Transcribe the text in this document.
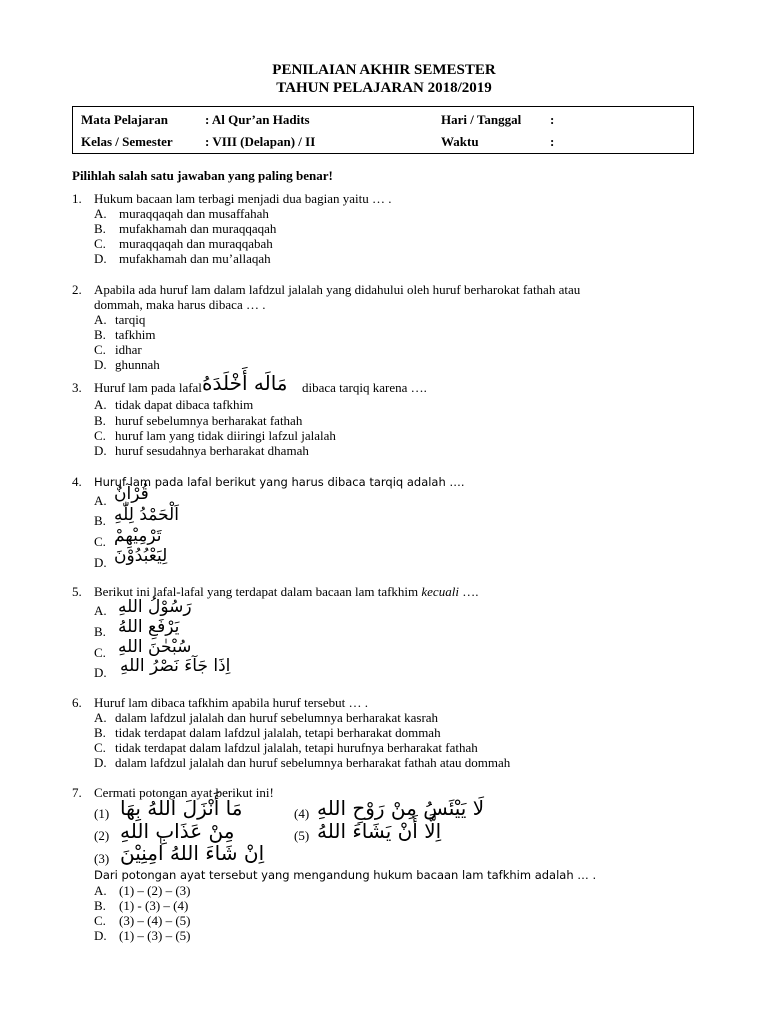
PENILAIAN AKHIR SEMESTER
TAHUN PELAJARAN 2018/2019
Mata Pelajaran	: Al Qur’an Hadits	Hari / Tanggal :
Kelas / Semester : VIII (Delapan) / II	Waktu	:
Pilihlah salah satu jawaban yang paling benar!
1. Hukum bacaan lam terbagi menjadi dua bagian yaitu … .
A. muraqqaqah dan musaffahah
B. mufakhamah dan muraqqaqah
C. muraqqaqah dan muraqqabah
D. mufakhamah dan mu’allaqah
2. Apabila ada huruf lam dalam lafdzul jalalah yang didahului oleh huruf berharokat fathah atau
dommah, maka harus dibaca … .
A. tarqiq
B. tafkhim
C. idhar
D. ghunnah
3. Huruf lam pada lafal مَالَه أَخْلَدَهُ dibaca tarqiq karena ….
A. tidak dapat dibaca tafkhim
B. huruf sebelumnya berharakat fathah
C. huruf lam yang tidak diiringi lafzul jalalah
D. huruf sesudahnya berharakat dhamah
4. Huruf lam pada lafal berikut yang harus dibaca tarqiq adalah ….
A. قُرْآنٌ
B. اَلْحَمْدُ لِلّٰهِ
C. تَرْمِيْهِمْ
D. لِيَعْبُدُوْنَ
5. Berikut ini lafal-lafal yang terdapat dalam bacaan lam tafkhim kecuali ….
A. رَسُوْلُ اللهِ
B. يَرْفَعِ اللهُ
C. سُبْحٰنَ اللهِ
D. اِذَا جَآءَ نَصْرُ اللهِ
6. Huruf lam dibaca tafkhim apabila huruf tersebut … .
A. dalam lafdzul jalalah dan huruf sebelumnya berharakat kasrah
B. tidak terdapat dalam lafdzul jalalah, tetapi berharakat dommah
C. tidak terdapat dalam lafdzul jalalah, tetapi hurufnya berharakat fathah
D. dalam lafdzul jalalah dan huruf sebelumnya berharakat fathah atau dommah
7. Cermati potongan ayat berikut ini!
(1) مَا أَنْزَلَ اللهُ بِهَا
(2) مِنْ عَذَابِ اللهِ
(3) اِنْ شَاءَ اللهُ اٰمِنِيْنَ
(4) لَا يَيْئَسُ مِنْ رَوْحِ اللهِ
(5) اِلَّا أَنْ يَشَاءَ اللهُ
Dari potongan ayat tersebut yang mengandung hukum bacaan lam tafkhim adalah … .
A. (1) – (2) – (3)
B. (1) - (3) – (4)
C. (3) – (4) – (5)
D. (1) – (3) – (5)
